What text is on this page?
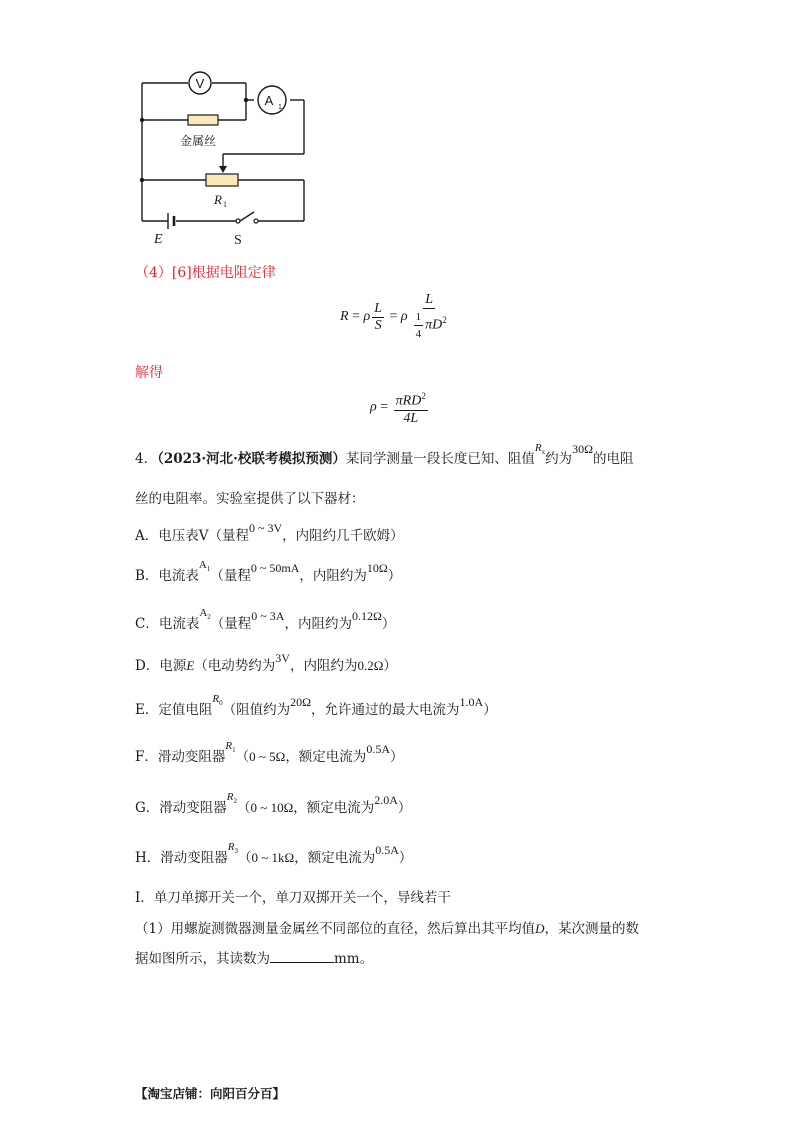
V
A 1
金属丝
R 1
E	S
（4）[6]根据电阻定律
R = ρ $\frac{L}{S} = \rho \frac{L}{\frac{1}{4} \pi D^2}$
解得
$\rho = \frac{\pi RD^2}{4L}$
4．（2023·河北·校联考模拟预测）某同学测量一段长度已知、阻值$^{R_x}$约为30Ω的电阻
丝的电阻率。实验室提供了以下器材：
A．电压表V（量程0 ~ 3V，内阻约几千欧姆）
B．电流表$^{A_1}$（量程0 ~ 50mA，内阻约为10Ω）
C．电流表$^{A_2}$（量程0 ~ 3A，内阻约为0.12Ω）
D．电源E（电动势约为3V，内阻约为0.2Ω）
E．定值电阻$^{R_0}$（阻值约为20Ω，允许通过的最大电流为1.0A）
F．滑动变阻器$^{R_1}$（0 ~ 5Ω，额定电流为0.5A）
G．滑动变阻器$^{R_2}$（0 ~ 10Ω，额定电流为2.0A）
H．滑动变阻器$^{R_3}$（0 ~ 1kΩ，额定电流为0.5A）
I．单刀单掷开关一个，单刀双掷开关一个，导线若干
（1）用螺旋测微器测量金属丝不同部位的直径，然后算出其平均值D，某次测量的数
据如图所示，其读数为	mm。
【淘宝店铺：向阳百分百】
